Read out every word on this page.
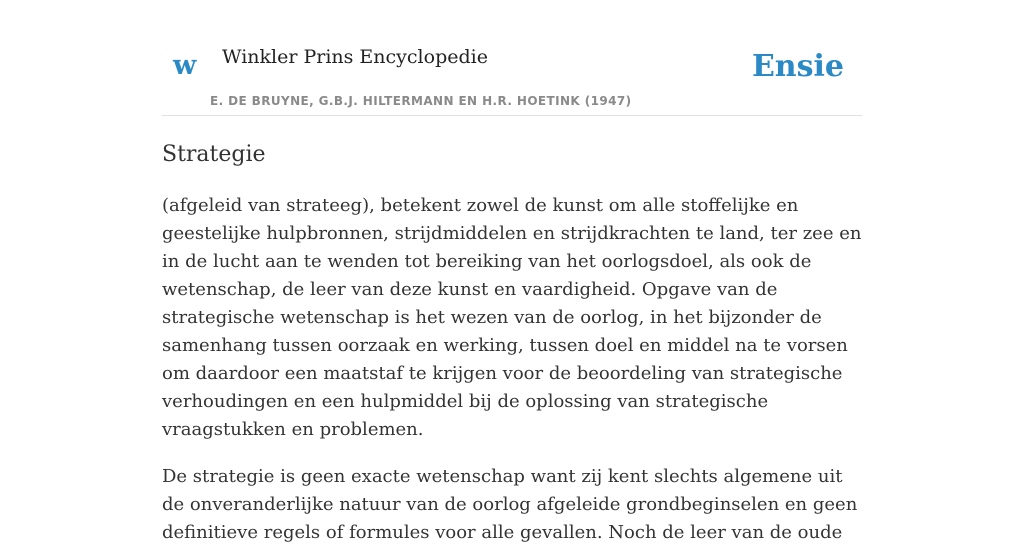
w Winkler Prins Encyclopedie
E. DE BRUYNE, G.B.J. HILTERMANN EN H.R. HOETINK (1947)
Ensie
Strategie

(afgeleid van strateeg), betekent zowel de kunst om alle stoffelijke en geestelijke hulpbronnen, strijdmiddelen en strijdkrachten te land, ter zee en in de lucht aan te wenden tot bereiking van het oorlogsdoel, als ook de wetenschap, de leer van deze kunst en vaardigheid. Opgave van de strategische wetenschap is het wezen van de oorlog, in het bijzonder de samenhang tussen oorzaak en werking, tussen doel en middel na te vorsen om daardoor een maatstaf te krijgen voor de beoordeling van strategische verhoudingen en een hulpmiddel bij de oplossing van strategische vraagstukken en problemen.

De strategie is geen exacte wetenschap want zij kent slechts algemene uit de onveranderlijke natuur van de oorlog afgeleide grondbeginselen en geen definitieve regels of formules voor alle gevallen. Noch de leer van de oude
